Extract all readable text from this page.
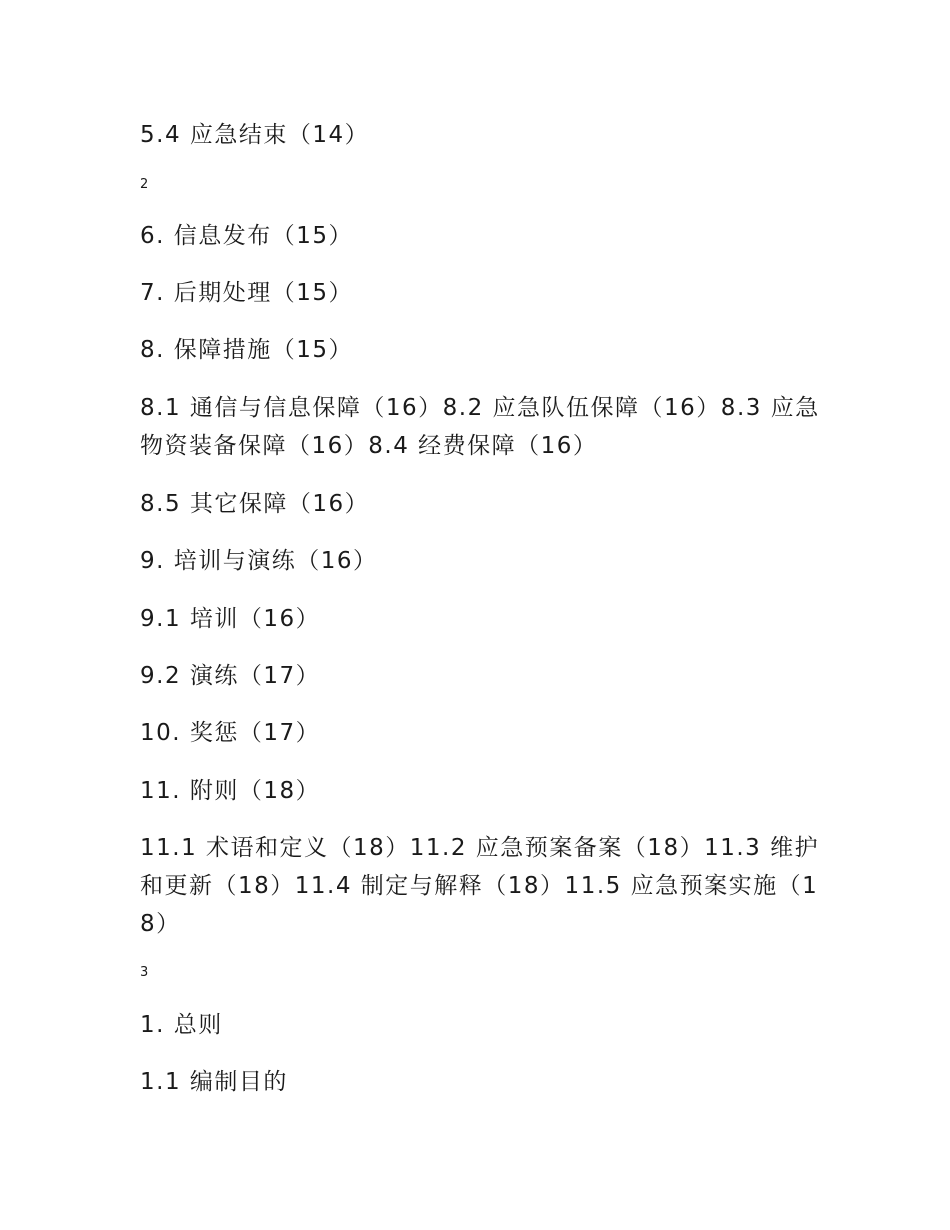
5.4 应急结束（14）
2
6. 信息发布（15）
7. 后期处理（15）
8. 保障措施（15）
8.1 通信与信息保障（16）8.2 应急队伍保障（16）8.3 应急物资装备保障（16）8.4 经费保障（16）
8.5 其它保障（16）
9. 培训与演练（16）
9.1 培训（16）
9.2 演练（17）
10. 奖惩（17）
11. 附则（18）
11.1 术语和定义（18）11.2 应急预案备案（18）11.3 维护和更新（18）11.4 制定与解释（18）11.5 应急预案实施（18）
3
1. 总则
1.1 编制目的
